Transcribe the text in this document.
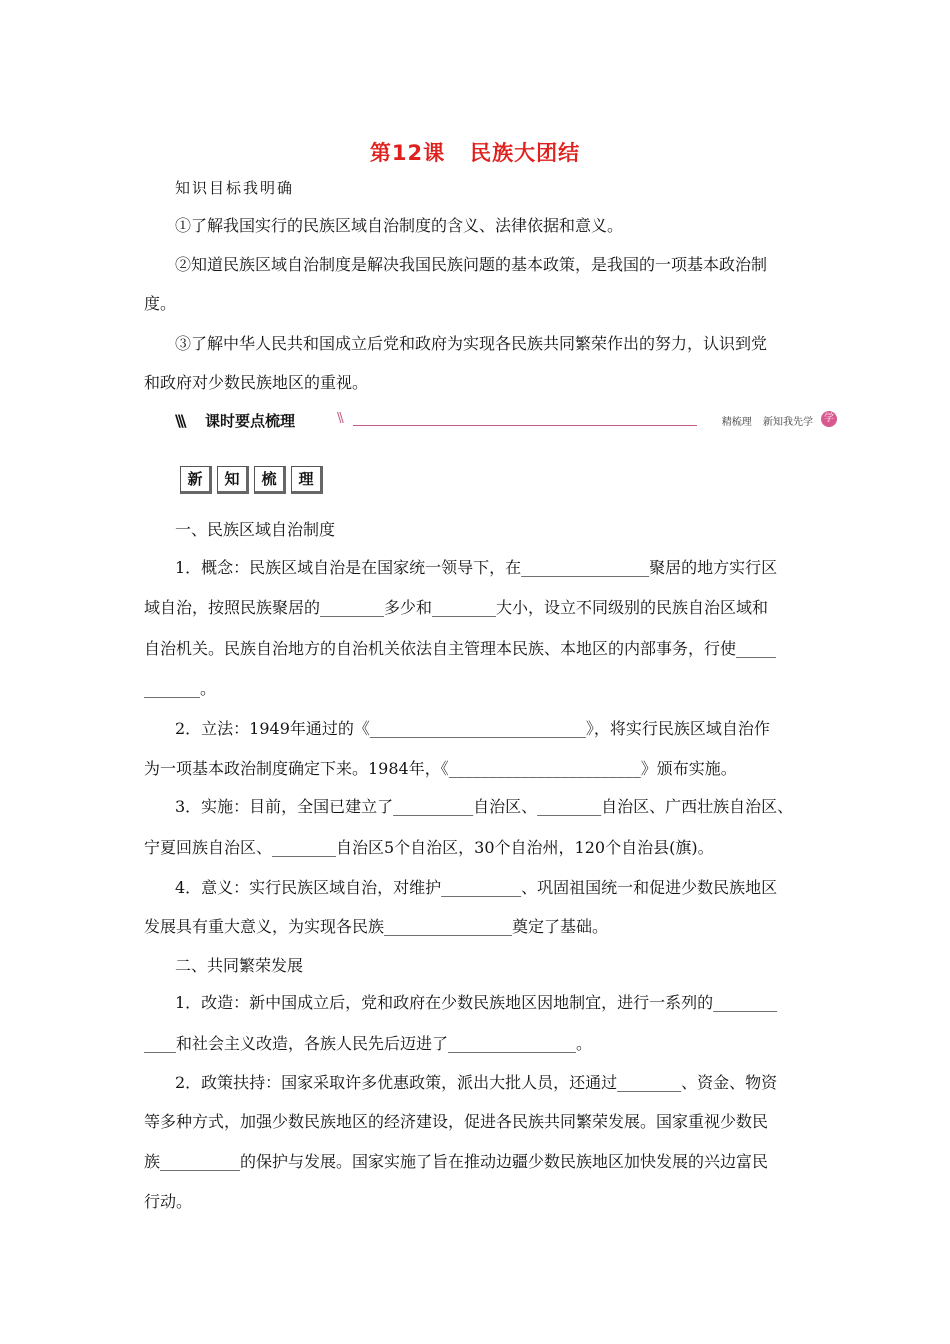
第12课 民族大团结
知识目标我明确
①了解我国实行的民族区域自治制度的含义、法律依据和意义。
②知道民族区域自治制度是解决我国民族问题的基本政策，是我国的一项基本政治制
度。
③了解中华人民共和国成立后党和政府为实现各民族共同繁荣作出的努力，认识到党
和政府对少数民族地区的重视。
\\\ 课时要点梳理	\\	精梳理 新知我先学	学
新	知	梳	理
一、民族区域自治制度
1．概念：民族区域自治是在国家统一领导下，在________________聚居的地方实行区
域自治，按照民族聚居的________多少和________大小，设立不同级别的民族自治区域和
自治机关。民族自治地方的自治机关依法自主管理本民族、本地区的内部事务，行使_____
_______。
2．立法：1949年通过的《___________________________》，将实行民族区域自治作
为一项基本政治制度确定下来。1984年，《________________________》颁布实施。
3．实施：目前，全国已建立了__________自治区、________自治区、广西壮族自治区、
宁夏回族自治区、________自治区5个自治区，30个自治州，120个自治县(旗)。
4．意义：实行民族区域自治，对维护__________、巩固祖国统一和促进少数民族地区
发展具有重大意义，为实现各民族________________奠定了基础。
二、共同繁荣发展
1．改造：新中国成立后，党和政府在少数民族地区因地制宜，进行一系列的________
____和社会主义改造，各族人民先后迈进了________________。
2．政策扶持：国家采取许多优惠政策，派出大批人员，还通过________、资金、物资
等多种方式，加强少数民族地区的经济建设，促进各民族共同繁荣发展。国家重视少数民
族__________的保护与发展。国家实施了旨在推动边疆少数民族地区加快发展的兴边富民
行动。
